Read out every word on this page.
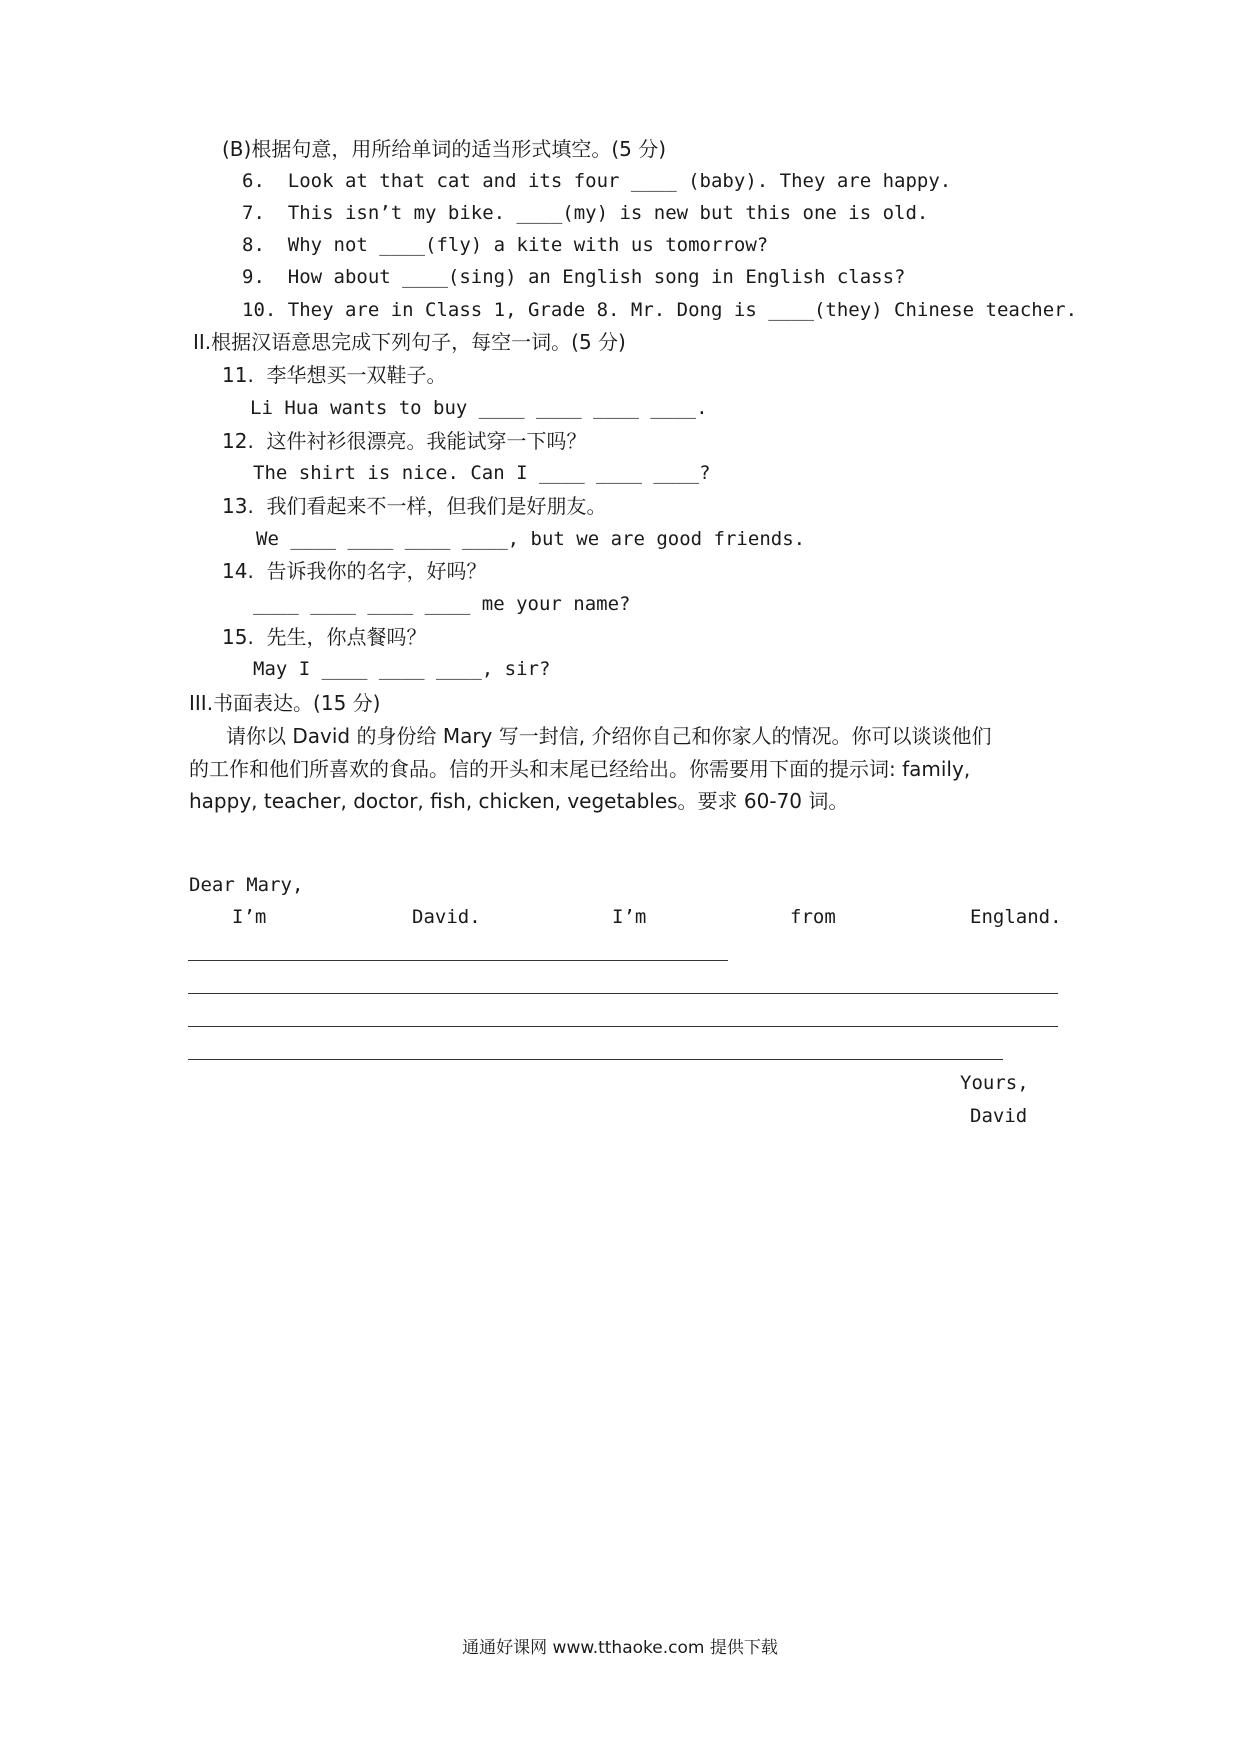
(B)根据句意，用所给单词的适当形式填空。(5 分)
6.  Look at that cat and its four ____ (baby). They are happy.
7.  This isn’t my bike. ____(my) is new but this one is old.
8.  Why not ____(fly) a kite with us tomorrow?
9.  How about ____(sing) an English song in English class?
10. They are in Class 1, Grade 8. Mr. Dong is ____(they) Chinese teacher.
II.根据汉语意思完成下列句子，每空一词。(5 分)
11.  李华想买一双鞋子。
Li Hua wants to buy ____ ____ ____ ____.
12.  这件衬衫很漂亮。我能试穿一下吗？
The shirt is nice. Can I ____ ____ ____?
13.  我们看起来不一样，但我们是好朋友。
We ____ ____ ____ ____, but we are good friends.
14.  告诉我你的名字，好吗？
____ ____ ____ ____ me your name?
15.  先生，你点餐吗？
May I ____ ____ ____, sir?
III.书面表达。(15 分)
请你以 David 的身份给 Mary 写一封信, 介绍你自己和你家人的情况。你可以谈谈他们
的工作和他们所喜欢的食品。信的开头和末尾已经给出。你需要用下面的提示词: family,
happy, teacher, doctor, fish, chicken, vegetables。要求 60-70 词。
Dear Mary,
I’m	David.	I’m	from	England.
Yours,
David
通通好课网 www.tthaoke.com 提供下载
